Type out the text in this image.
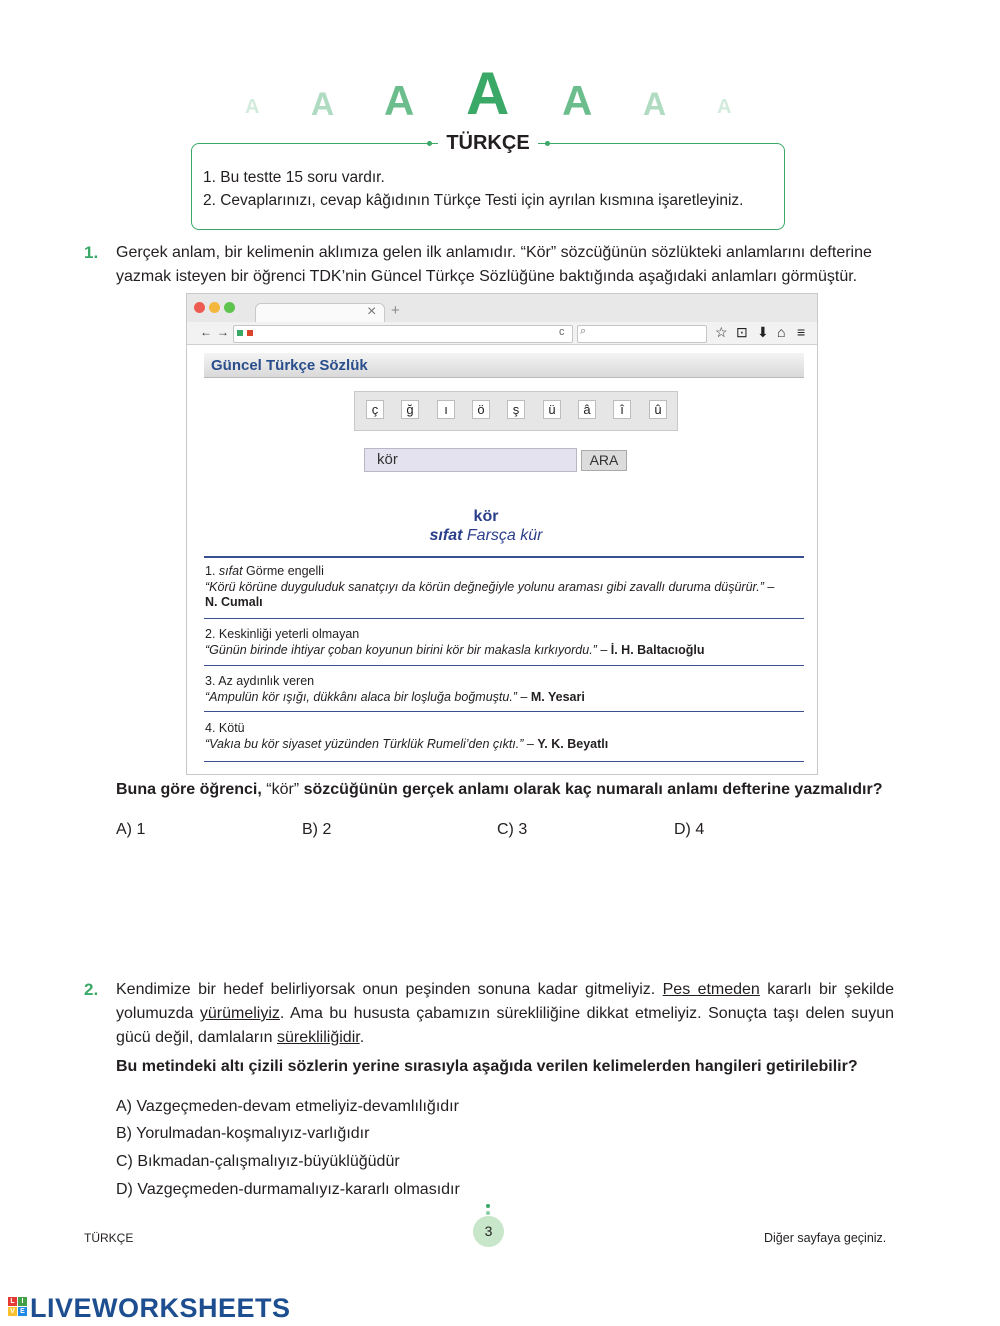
A A A A A A	A
TÜRKÇE
1. Bu testte 15 soru vardır.
2. Cevaplarınızı, cevap kâğıdının Türkçe Testi için ayrılan kısmına işaretleyiniz.
1. Gerçek anlam, bir kelimenin aklımıza gelen ilk anlamıdır. “Kör” sözcüğünün sözlükteki anlamlarını defterine
yazmak isteyen bir öğrenci TDK’nin Güncel Türkçe Sözlüğüne baktığında aşağıdaki anlamları görmüştür.
× +
← →	c ⌕	☆ ⊡ ⬇ ⌂ ≡
Güncel Türkçe Sözlük
ç	ğ	ı	ö	ş	ü	â	î	û
kör	ARA
kör
sıfat Farsça kür
1. sıfat Görme engelli
“Körü körüne duyguluduk sanatçıyı da körün değneğiyle yolunu araması gibi zavallı duruma düşürür.” –
N. Cumalı
2. Keskinliği yeterli olmayan
“Günün birinde ihtiyar çoban koyunun birini kör bir makasla kırkıyordu.” – İ. H. Baltacıoğlu
3. Az aydınlık veren
“Ampulün kör ışığı, dükkânı alaca bir loşluğa boğmuştu.” – M. Yesari
4. Kötü
“Vakıa bu kör siyaset yüzünden Türklük Rumeli’den çıktı.” – Y. K. Beyatlı
Buna göre öğrenci, “kör” sözcüğünün gerçek anlamı olarak kaç numaralı anlamı defterine yazmalıdır?
A) 1	B) 2	C) 3	D) 4
2. Kendimize bir hedef belirliyorsak onun peşinden sonuna kadar gitmeliyiz. Pes etmeden kararlı bir şekilde
yolumuzda yürümeliyiz. Ama bu hususta çabamızın sürekliliğine dikkat etmeliyiz. Sonuçta taşı delen suyun
gücü değil, damlaların sürekliliğidir.
Bu metindeki altı çizili sözlerin yerine sırasıyla aşağıda verilen kelimelerden hangileri getirilebilir?
A) Vazgeçmeden-devam etmeliyiz-devamlılığıdır
B) Yorulmadan-koşmalıyız-varlığıdır
C) Bıkmadan-çalışmalıyız-büyüklüğüdür
D) Vazgeçmeden-durmamalıyız-kararlı olmasıdır
TÜRKÇE	3	Diğer sayfaya geçiniz.
L I
V E LIVEWORKSHEETS
